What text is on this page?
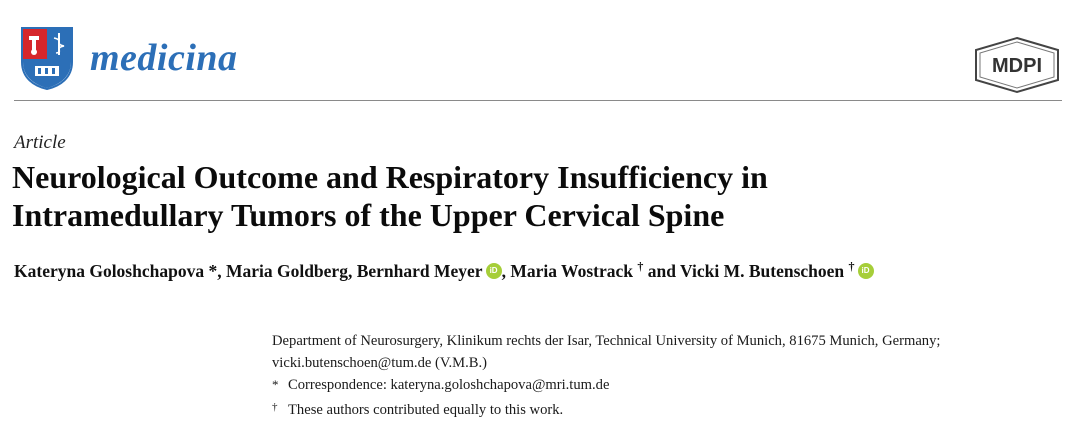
medicina	MDPI
Article
Neurological Outcome and Respiratory Insufficiency in
Intramedullary Tumors of the Upper Cervical Spine
Kateryna Goloshchapova *, Maria Goldberg, Bernhard Meyer iD , Maria Wostrack † and Vicki M. Butenschoen † iD
Department of Neurosurgery, Klinikum rechts der Isar, Technical University of Munich, 81675 Munich, Germany;
vicki.butenschoen@tum.de (V.M.B.)
* Correspondence: kateryna.goloshchapova@mri.tum.de
† These authors contributed equally to this work.
